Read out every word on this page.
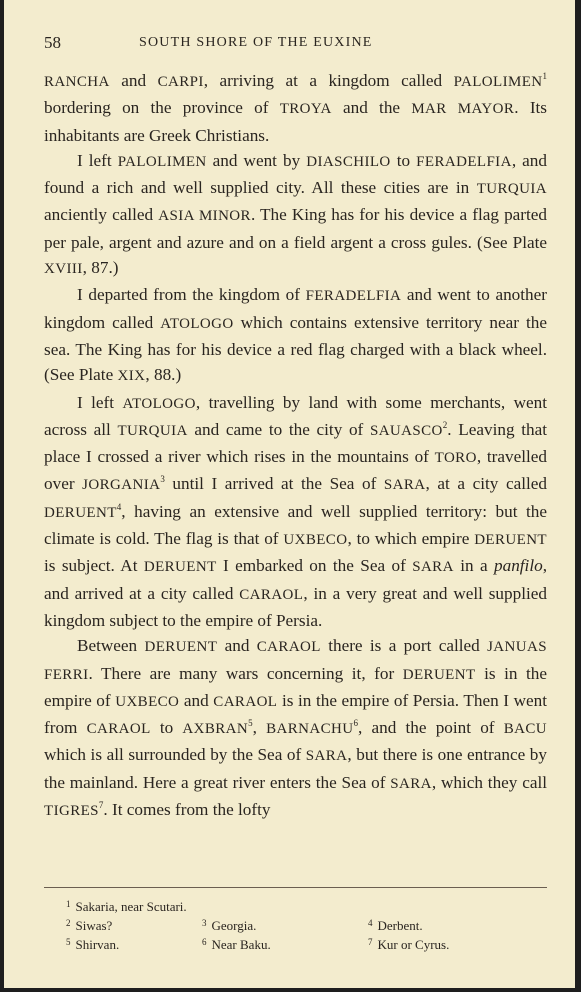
58	SOUTH SHORE OF THE EUXINE

RANCHA and CARPI, arriving at a kingdom called PALOLIMEN$^1$ bordering on the province of TROYA and the MAR MAYOR. Its inhabitants are Greek Christians.

I left PALOLIMEN and went by DIASCHILO to FERADELFIA, and found a rich and well supplied city. All these cities are in TURQUIA anciently called ASIA MINOR. The King has for his device a flag parted per pale, argent and azure and on a field argent a cross gules. (See Plate XVIII, 87.)

I departed from the kingdom of FERADELFIA and went to another kingdom called ATOLOGO which contains extensive territory near the sea. The King has for his device a red flag charged with a black wheel. (See Plate XIX, 88.)

I left ATOLOGO, travelling by land with some merchants, went across all TURQUIA and came to the city of SAUASCO$^2$. Leaving that place I crossed a river which rises in the mountains of TORO, travelled over JORGANIA$^3$ until I arrived at the Sea of SARA, at a city called DERUENT$^4$, having an extensive and well supplied territory: but the climate is cold. The flag is that of UXBECO, to which empire DERUENT is subject. At DERUENT I embarked on the Sea of SARA in a panfilo, and arrived at a city called CARAOL, in a very great and well supplied kingdom subject to the empire of Persia.

Between DERUENT and CARAOL there is a port called JANUAS FERRI. There are many wars concerning it, for DERUENT is in the empire of UXBECO and CARAOL is in the empire of Persia. Then I went from CARAOL to AXBRAN$^5$, BARNACHU$^6$, and the point of BACU which is all surrounded by the Sea of SARA, but there is one entrance by the mainland. Here a great river enters the Sea of SARA, which they call TIGRES$^7$. It comes from the lofty

$^1$ Sakaria, near Scutari.
$^2$ Siwas?	$^3$ Georgia.	$^4$ Derbent.
$^5$ Shirvan.	$^6$ Near Baku.	$^7$ Kur or Cyrus.
